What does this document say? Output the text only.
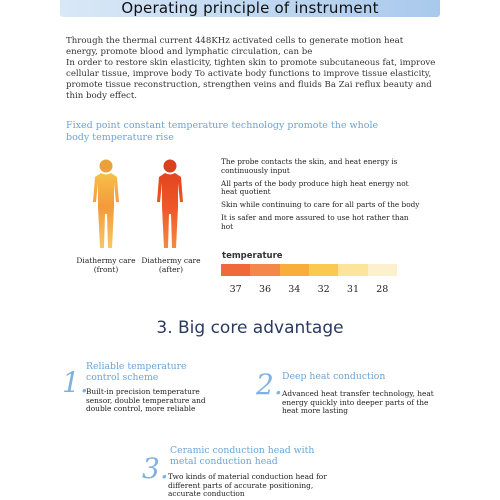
Operating principle of instrument

Through the thermal current 448KHz activated cells to generate motion heat energy, promote blood and lymphatic circulation, can be

In order to restore skin elasticity, tighten skin to promote subcutaneous fat, improve cellular tissue, improve body To activate body functions to improve tissue elasticity, promote tissue reconstruction, strengthen veins and fluids Ba Zai reflux beauty and thin body effect.

Fixed point constant temperature technology promote the whole body temperature rise
Diathermy care (front)
Diathermy care (after)
The probe contacts the skin, and heat energy is continuously input
All parts of the body produce high heat energy not heat quotient
Skin while continuing to care for all parts of the body
It is safer and more assured to use hot rather than hot
temperature
37	36	34	32	31	28
3. Big core advantage
1.
Reliable temperature control scheme
Built-in precision temperature sensor, double temperature and double control, more reliable
2. Deep heat conduction
Advanced heat transfer technology, heat energy quickly into deeper parts of the heat more lasting
3.
Ceramic conduction head with metal conduction head
Two kinds of material conduction head for different parts of accurate positioning, accurate conduction
